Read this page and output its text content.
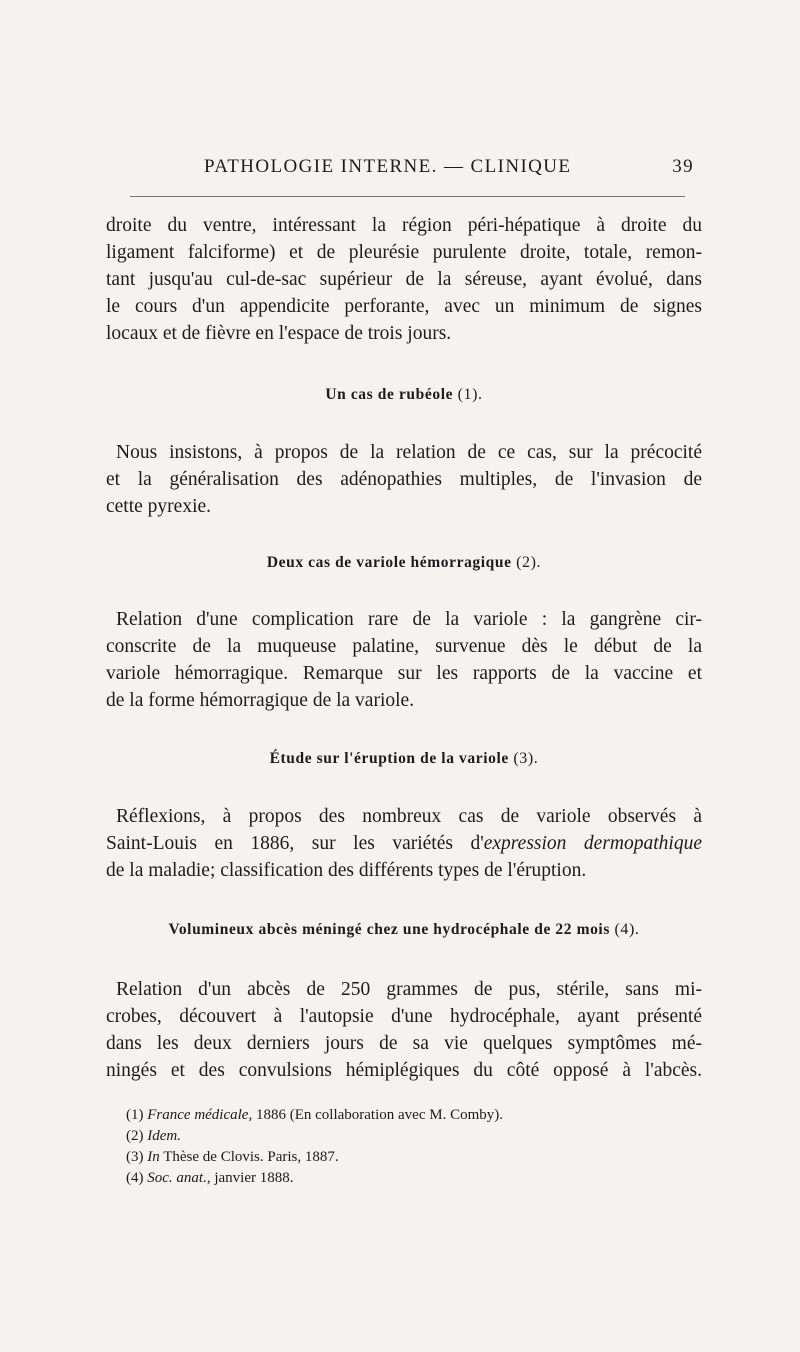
PATHOLOGIE INTERNE. — CLINIQUE	39
droite du ventre, intéressant la région péri-hépatique à droite du
ligament falciforme) et de pleurésie purulente droite, totale, remon-
tant jusqu'au cul-de-sac supérieur de la séreuse, ayant évolué, dans
le cours d'un appendicite perforante, avec un minimum de signes
locaux et de fièvre en l'espace de trois jours.
Un cas de rubéole (1).
Nous insistons, à propos de la relation de ce cas, sur la précocité
et la généralisation des adénopathies multiples, de l'invasion de
cette pyrexie.
Deux cas de variole hémorragique (2).
Relation d'une complication rare de la variole : la gangrène cir-
conscrite de la muqueuse palatine, survenue dès le début de la
variole hémorragique. Remarque sur les rapports de la vaccine et
de la forme hémorragique de la variole.
Étude sur l'éruption de la variole (3).
Réflexions, à propos des nombreux cas de variole observés à
Saint-Louis en 1886, sur les variétés d'expression dermopathique
de la maladie; classification des différents types de l'éruption.
Volumineux abcès méningé chez une hydrocéphale de 22 mois (4).
Relation d'un abcès de 250 grammes de pus, stérile, sans mi-
crobes, découvert à l'autopsie d'une hydrocéphale, ayant présenté
dans les deux derniers jours de sa vie quelques symptômes mé-
ningés et des convulsions hémiplégiques du côté opposé à l'abcès.
(1) France médicale, 1886 (En collaboration avec M. Comby).
(2) Idem.
(3) In Thèse de Clovis. Paris, 1887.
(4) Soc. anat., janvier 1888.
